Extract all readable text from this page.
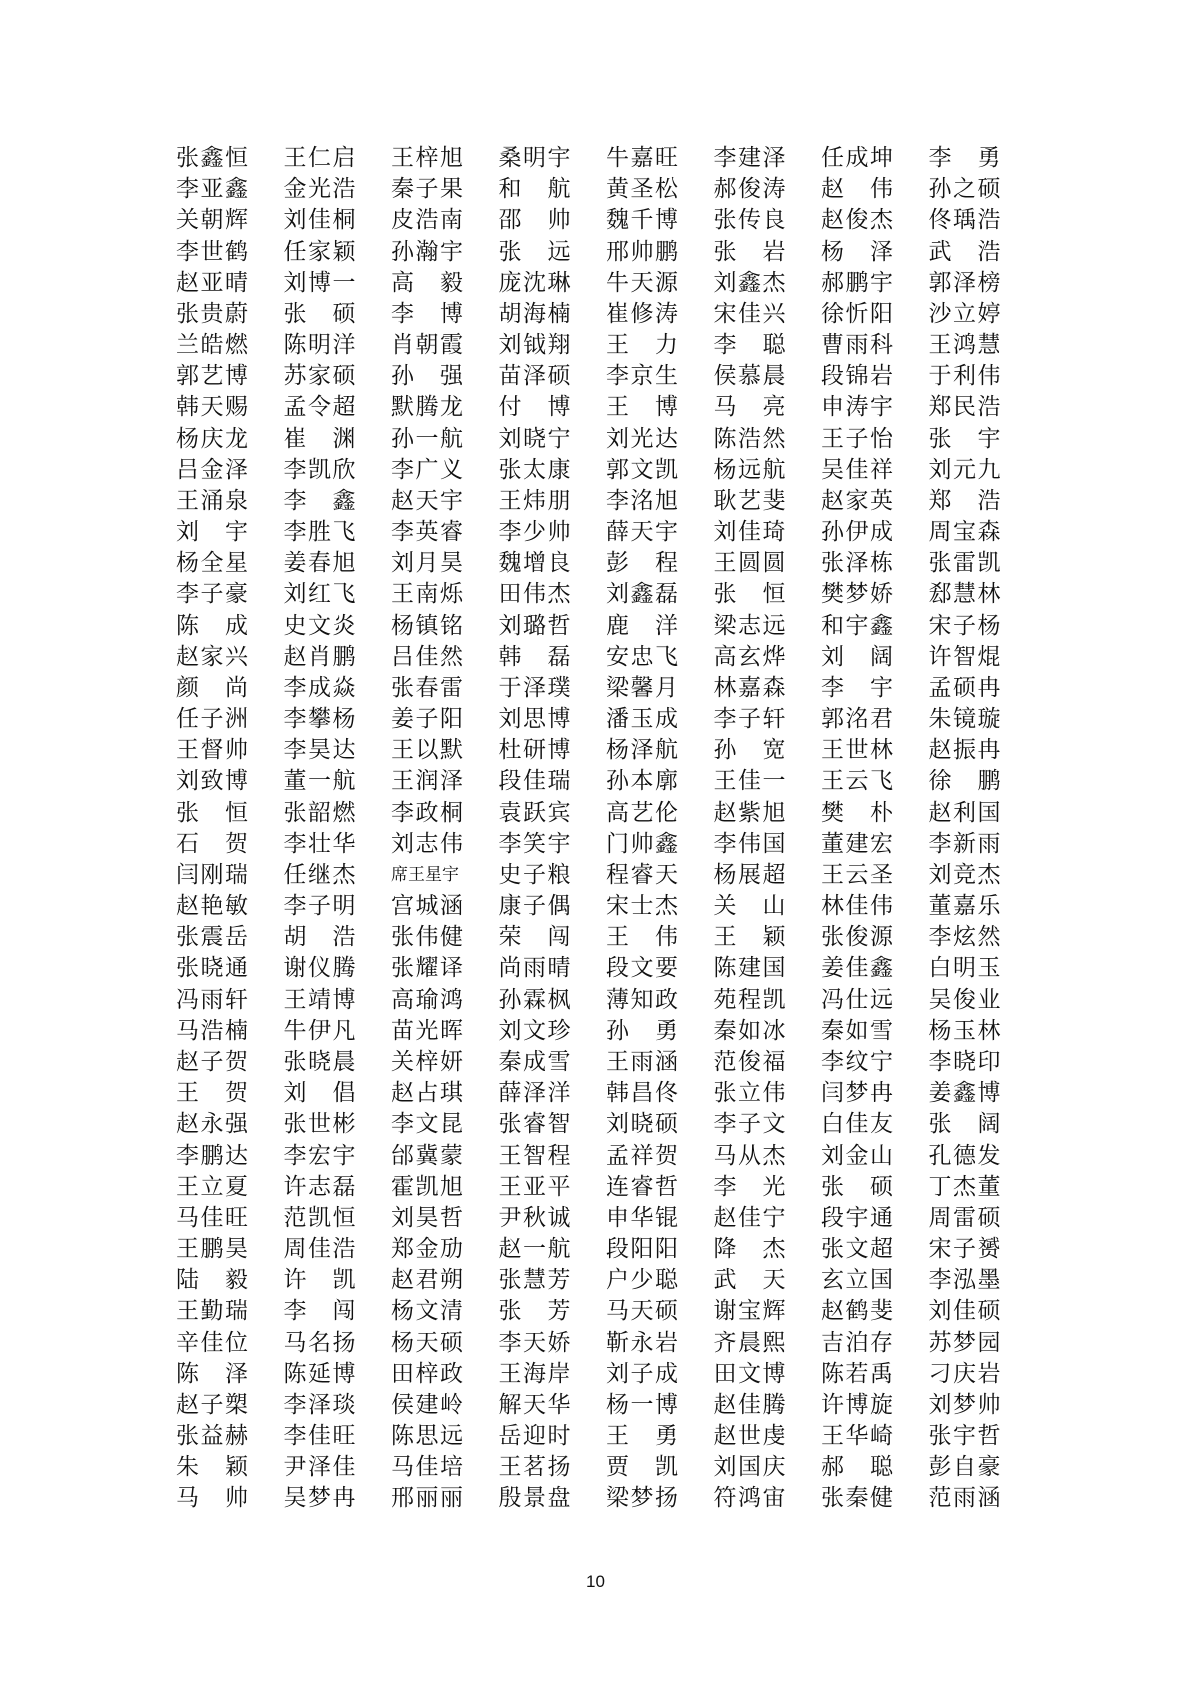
张鑫恒 王仁启 王梓旭 桑明宇 牛嘉旺 李建泽 任成坤 李 勇
李亚鑫 金光浩 秦子果 和 航 黄圣松 郝俊涛 赵 伟 孙之硕
关朝辉 刘佳桐 皮浩南 邵 帅 魏千博 张传良 赵俊杰 佟瑀浩
李世鹤 任家颖 孙瀚宇 张 远 邢帅鹏 张 岩 杨 泽 武 浩
赵亚晴 刘博一 高 毅 庞沈琳 牛天源 刘鑫杰 郝鹏宇 郭泽榜
张贵蔚 张 硕 李 博 胡海楠 崔修涛 宋佳兴 徐忻阳 沙立婷
兰皓燃 陈明洋 肖朝霞 刘钺翔 王 力 李 聪 曹雨科 王鸿慧
郭艺博 苏家硕 孙 强 苗泽硕 李京生 侯慕晨 段锦岩 于利伟
韩天赐 孟令超 默腾龙 付 博 王 博 马 亮 申涛宇 郑民浩
杨庆龙 崔 渊 孙一航 刘晓宁 刘光达 陈浩然 王子怡 张 宇
吕金泽 李凯欣 李广义 张太康 郭文凯 杨远航 吴佳祥 刘元九
王涌泉 李 鑫 赵天宇 王炜朋 李洺旭 耿艺斐 赵家英 郑 浩
刘 宇 李胜飞 李英睿 李少帅 薛天宇 刘佳琦 孙伊成 周宝森
杨全星 姜春旭 刘月昊 魏增良 彭 程 王圆圆 张泽栋 张雷凯
李子豪 刘红飞 王南烁 田伟杰 刘鑫磊 张 恒 樊梦娇 郄慧林
陈 成 史文炎 杨镇铭 刘璐哲 鹿 洋 梁志远 和宇鑫 宋子杨
赵家兴 赵肖鹏 吕佳然 韩 磊 安忠飞 高玄烨 刘 阔 许智焜
颜 尚 李成焱 张春雷 于泽璞 梁馨月 林嘉森 李 宇 孟硕冉
任子洲 李攀杨 姜子阳 刘思博 潘玉成 李子轩 郭洺君 朱镜璇
王督帅 李昊达 王以默 杜研博 杨泽航 孙 宽 王世林 赵振冉
刘致博 董一航 王润泽 段佳瑞 孙本廓 王佳一 王云飞 徐 鹏
张 恒 张韶燃 李政桐 袁跃宾 高艺伦 赵紫旭 樊 朴 赵利国
石 贺 李壮华 刘志伟 李笑宇 门帅鑫 李伟国 董建宏 李新雨
闫刚瑞 任继杰 席王星宇 史子粮 程睿天 杨展超 王云圣 刘竞杰
赵艳敏 李子明 宫城涵 康子偶 宋士杰 关 山 林佳伟 董嘉乐
张震岳 胡 浩 张伟健 荣 闯 王 伟 王 颖 张俊源 李炫然
张晓通 谢仪腾 张耀译 尚雨晴 段文要 陈建国 姜佳鑫 白明玉
冯雨轩 王靖博 高瑜鸿 孙霖枫 薄知政 苑程凯 冯仕远 吴俊业
马浩楠 牛伊凡 苗光晖 刘文珍 孙 勇 秦如冰 秦如雪 杨玉林
赵子贺 张晓晨 关梓妍 秦成雪 王雨涵 范俊福 李纹宁 李晓印
王 贺 刘 倡 赵占琪 薛泽洋 韩昌佟 张立伟 闫梦冉 姜鑫博
赵永强 张世彬 李文昆 张睿智 刘晓硕 李子文 白佳友 张 阔
李鹏达 李宏宇 邰冀蒙 王智程 孟祥贺 马从杰 刘金山 孔德发
王立夏 许志磊 霍凯旭 王亚平 连睿哲 李 光 张 硕 丁杰董
马佳旺 范凯恒 刘昊哲 尹秋诚 申华锟 赵佳宁 段宇通 周雷硕
王鹏昊 周佳浩 郑金劢 赵一航 段阳阳 降 杰 张文超 宋子赟
陆 毅 许 凯 赵君朔 张慧芳 户少聪 武 天 玄立国 李泓墨
王勤瑞 李 闯 杨文清 张 芳 马天硕 谢宝辉 赵鹤斐 刘佳硕
辛佳位 马名扬 杨天硕 李天娇 靳永岩 齐晨熙 吉泊存 苏梦园
陈 泽 陈延博 田梓政 王海岸 刘子成 田文博 陈若禹 刁庆岩
赵子槊 李泽琰 侯建岭 解天华 杨一博 赵佳腾 许博旋 刘梦帅
张益赫 李佳旺 陈思远 岳迎时 王 勇 赵世虔 王华崎 张宇哲
朱 颖 尹泽佳 马佳培 王茗扬 贾 凯 刘国庆 郝 聪 彭自豪
马 帅 吴梦冉 邢丽丽 殷景盘 梁梦扬 符鸿宙 张秦健 范雨涵
10
